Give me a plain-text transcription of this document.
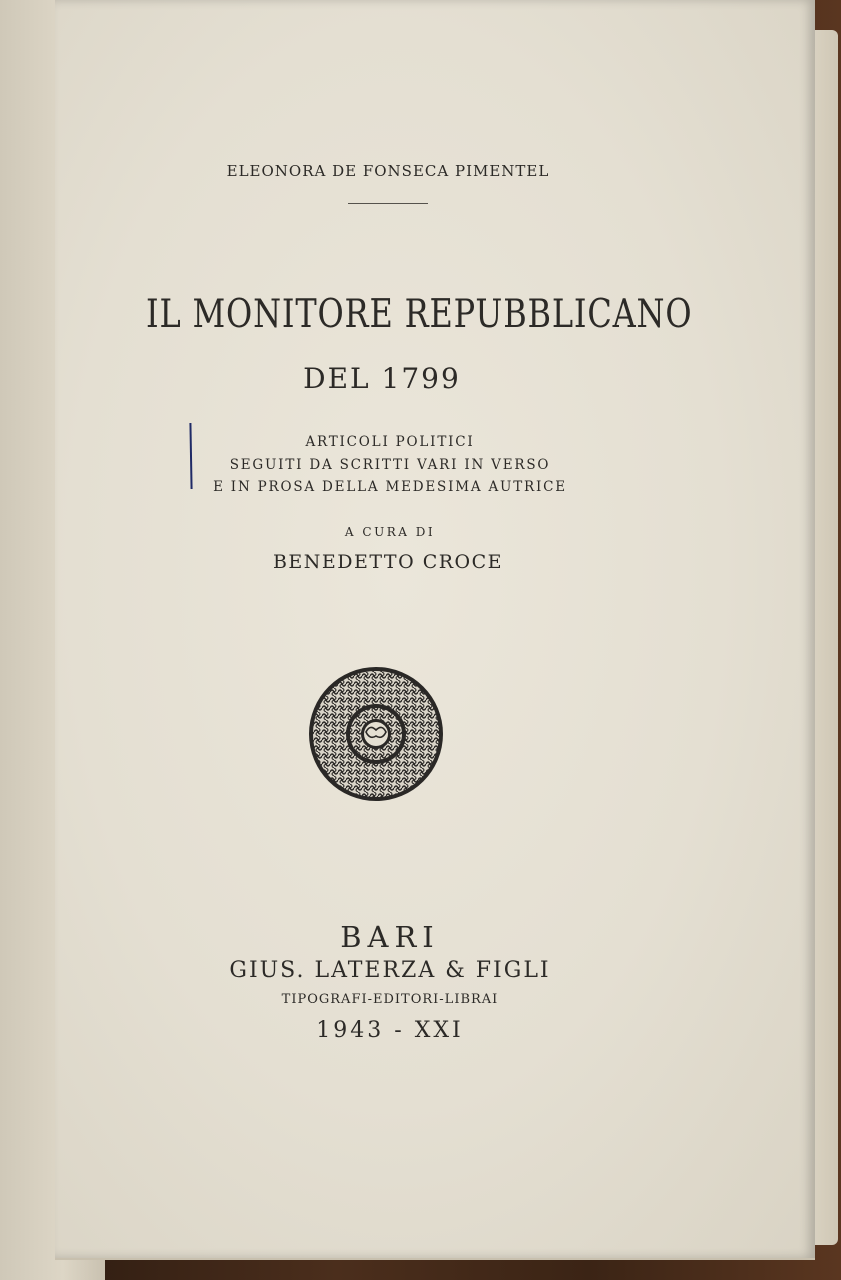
ELEONORA DE FONSECA PIMENTEL

IL MONITORE REPUBBLICANO

DEL 1799

ARTICOLI POLITICI

SEGUITI DA SCRITTI VARI IN VERSO

E IN PROSA DELLA MEDESIMA AUTRICE

A CURA DI

BENEDETTO CROCE

BARI

GIUS. LATERZA & FIGLI

TIPOGRAFI-EDITORI-LIBRAI

1943 - XXI
